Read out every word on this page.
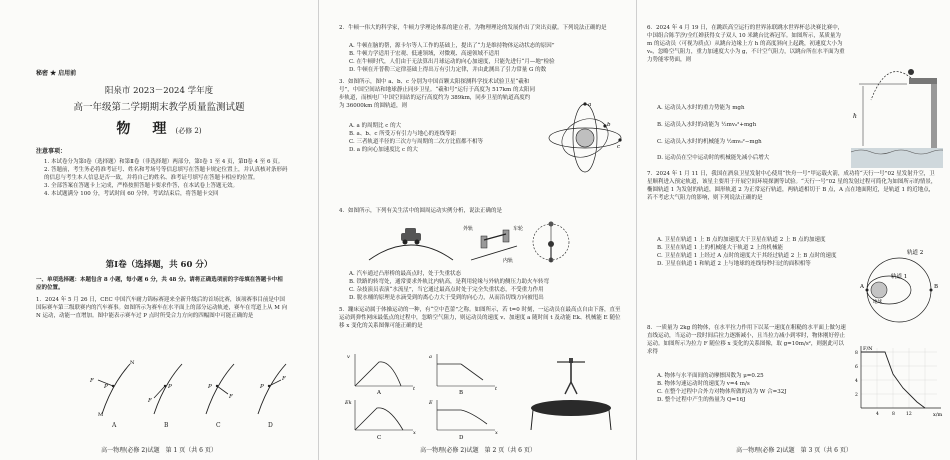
秘密 ★ 启用前
阳泉市 2023－2024 学年度
高一年级第二学期期末教学质量监测试题
物　理 (必修 2)
注意事项：
1. 本试卷分为第Ⅰ卷（选择题）和第Ⅱ卷（非选择题）两部分，第Ⅰ卷 1 至 4 页，第Ⅱ卷 4 至 6 页。
2. 答题前，考生务必将准考证号、姓名和考场号等信息填写在答题卡规定位置上，并认真核对条形码的信息与考生本人信息是否一致，并将自己的姓名、准考证号填写在答题卡相应的位置。
3. 全部答案在答题卡上完成，严格按照答题卡要求作答，在本试卷上答题无效。
4. 本试题满分 100 分，考试时间 60 分钟。考试结束后，将答题卡交回
第Ⅰ卷（选择题，共 60 分）
一、单项选择题：本题包含 8 小题，每小题 6 分，共 48 分。请将正确选项前的字母填在答题卡中相应的位置。
1．2024 年 5 月 26 日，CEC 中国汽车耐力锦标赛迎来全新升级后的首场比赛，该项赛事目前是中国国际赛车第三级联赛内的汽车赛事。如图所示为赛车在水平面上的部分运动轨迹，赛车在弯道上从 M 向 N 运动，动能一直增加。图中能表示赛车过 P 点时所受合力方向的四幅图中可能正确的是
F
P
M
N
F
P
F
P
F
P
A	B	C	D
高一物理(必修 2)试题　第 1 页（共 6 页）
2．牛顿一伟大的科学家，牛顿力学理论体系的建立者，为物理理论的发展作出了突出贡献。下列说法正确的是
A. 牛顿在脑的帮，源卡尔等人工作的基础上，提出了“力是维持物体运动状态的原因”
B. 牛顿力学适用于宏观、低速领域，对微观、高速领域不适用
C. 在牛顿时代，人们由于无法算出月球运动的向心加速度，只能先进行“月—地”检验
D. 牛顿在开普勒三定律基础上得出万有引力定律，并由此测出了引力常量 G 的数
3．如图所示，图中 a、b、c 分别为中国首颗太阳探测科学技术试验卫星“羲和号”，中国空间站和地球静止同步卫星。“羲和号”运行于高度为 517km 的太阳同步轨道，而核电厂中国空间站的运行高度约为 389km，同步卫星的轨道高度约为 36000km 的圆轨道，则	a
b
c
A. a 的周期比 c 的大
B. a、b、c 所受万有引力与地心的连线等距
C. 三者轨道半径的三次方与周期的二次方比值都不相等
D. a 的向心加速度比 c 的大
4．如图所示，下列有关生活中的圆周运动实例分析，说法正确的是
外轨	车轮
内轨
A. 汽车通过凸形桥的最高点时，处于失重状态
B. 铁路的转弯处，通常要求外轨比内轨高，是利用轮缘与外轨的侧压力助火车转弯
C. 杂技演员表演“水流星”，当它通过最高点时处于完全失重状态，不受重力作用
D. 脱水桶的原理是水滴受到的离心力大于受到的向心力，从而沿切线方向被甩出
5．蹦床运动属于体操运动的一种，有“空中芭蕾”之称。如图所示，若 t=0 时刻，一运动员在最高点自由下落，直至运动到弹性网床最低点的过程中，忽略空气阻力，则运动员的速度 v、加速度 a 随时间 t 及动能 Ek、机械能 E 随位移 x 变化的关系图像可能正确的是
v
t
A
a
t
B
Ek
x
C
E
x
D
高一物理(必修 2)试题　第 2 页（共 6 页）
6．2024 年 4 月 19 日，在跳跃高空运行的世界泳联跳水世界杯总决赛比赛中，中国组合陈芋汐/全红婵获得女子双人 10 米跳台比赛冠军。如图所示，某质量为 m 的运动员（可视为质点）从跳台边缘上方 h 的高度斜向上起跳，初速度大小为 v₀，忽略空气阻力，重力加速度大小为 g，不计空气阻力，以跳台所在水平面为重力势能零势面，则
h
A. 运动员入水时的重力势能为 mgh
B. 运动员入水时的动能为 ½mv₀²+mgh
C. 运动员入水时的机械能为 ½mv₀²−mgh
D. 运动员在空中运动时的机械能先减小后增大
7．2024 年 1 月 11 日，我国在酒泉卫星发射中心使用“快舟一号”甲运载火箭，成功将“天行一号”02 星发射升空，卫星顺利进入预定轨道，该星主要用于开展空间环境探测等试验。“天行一号”02 星的发射过程可简化为如图所示的情景，椭圆轨道 1 为发射的轨道，圆形轨道 2 为正常运行轨道，两轨道相切于 B 点，A 点在地面附近，是轨道 1 的近地点，若不考虑大气阻力的影响，则下列说法正确的是
A. 卫星在轨道 1 上 B 点的加速度大于卫星在轨道 2 上 B 点的加速度
B. 卫星在轨道 1 上的机械能大于轨道 2 上的机械能
C. 卫星在轨道 1 上经过 A 点时的速度大于其经过轨道 2 上 B 点时的速度
D. 卫星在轨道 1 和轨道 2 上与地球的连线每秒扫过的面积相等
轨道 2
轨道 1
地球
A	B
8．一质量为 2kg 的物体，在水平拉力作用下以某一速度在粗糙的水平面上做匀速直线运动，当运动一段时间后拉力逐渐减小，且当拉力减小到零时，物体刚好停止运动。如图所示为拉力 F 随位移 x 变化的关系图像，取 g=10m/s²，则据此可以求得
A. 物体与水平面间的动摩擦因数为 μ=0.25
B. 物体匀速运动时的速度为 v=4 m/s
C. 在整个过程中合外力对物体所做的功为 W 合=32J
D. 整个过程中产生的热量为 Q=16J
F/N
x/m
8
6
4
2
4	8 12
高一物理(必修 2)试题　第 3 页（共 6 页）
